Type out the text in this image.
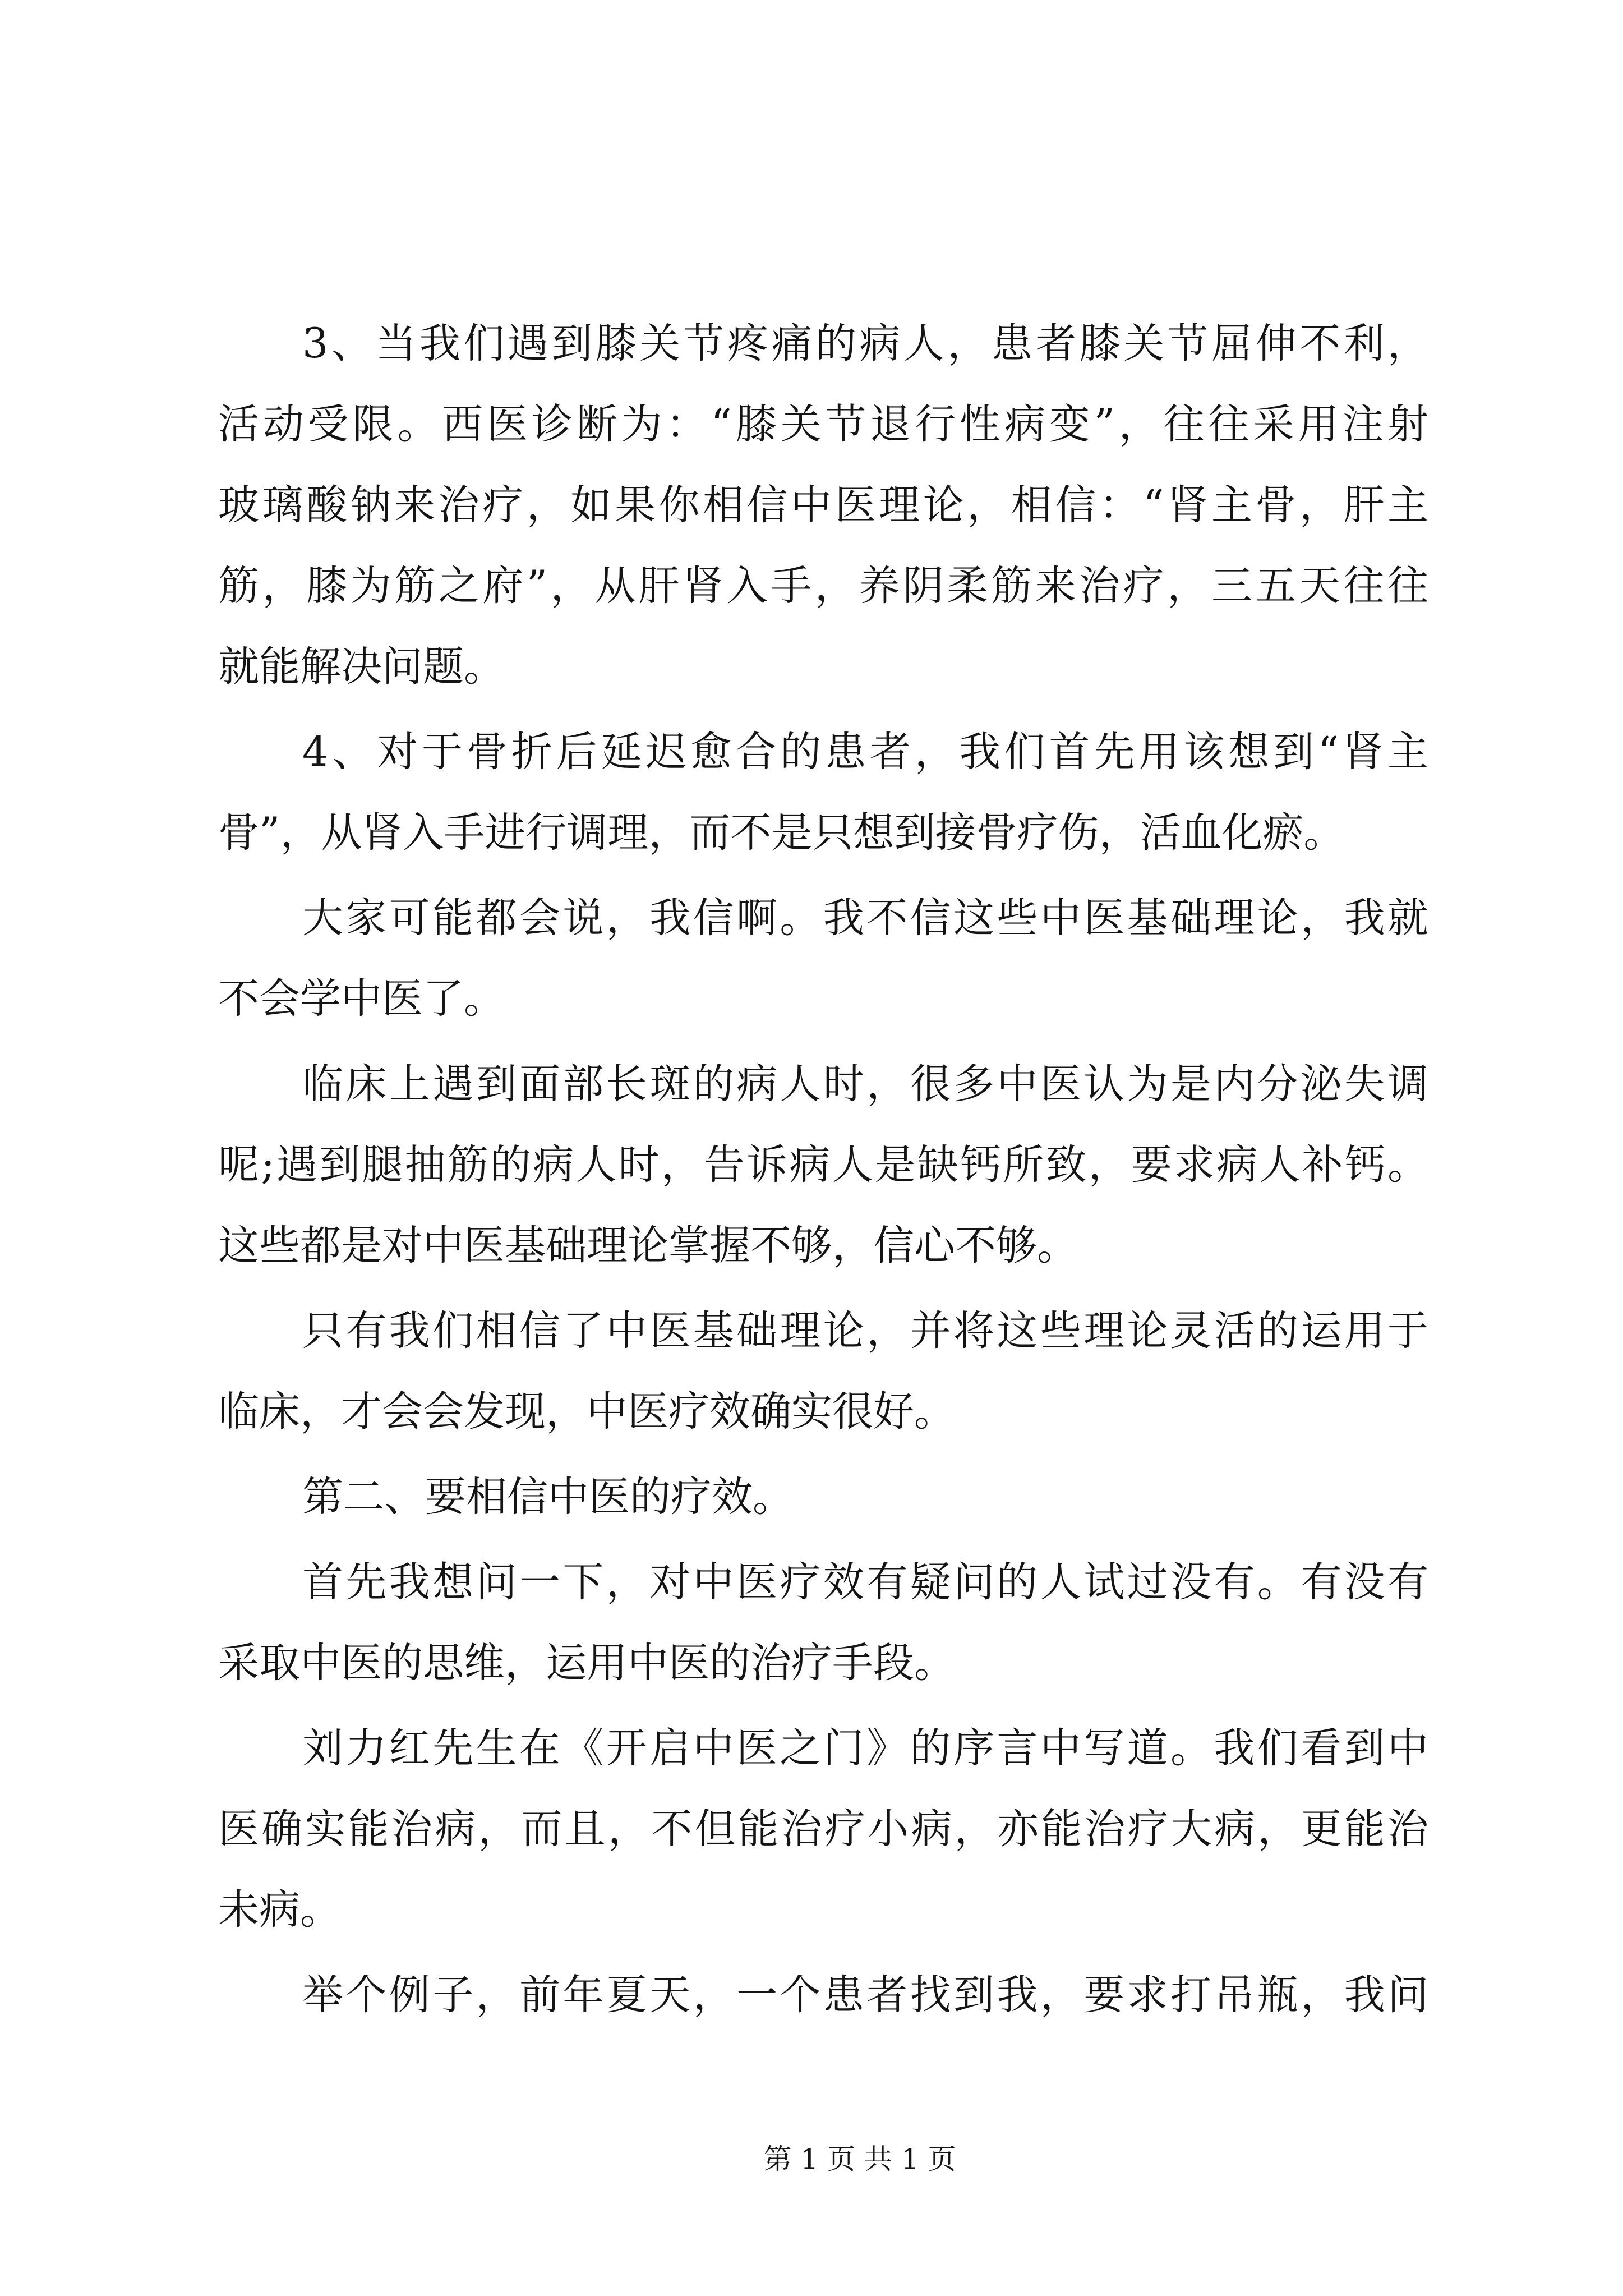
3、当我们遇到膝关节疼痛的病人，患者膝关节屈伸不利，
活动受限。西医诊断为：“膝关节退行性病变”，往往采用注射
玻璃酸钠来治疗，如果你相信中医理论，相信：“肾主骨，肝主
筋，膝为筋之府”，从肝肾入手，养阴柔筋来治疗，三五天往往
就能解决问题。
4、对于骨折后延迟愈合的患者，我们首先用该想到“肾主
骨”，从肾入手进行调理，而不是只想到接骨疗伤，活血化瘀。
大家可能都会说，我信啊。我不信这些中医基础理论，我就
不会学中医了。
临床上遇到面部长斑的病人时，很多中医认为是内分泌失调
呢;遇到腿抽筋的病人时，告诉病人是缺钙所致，要求病人补钙。
这些都是对中医基础理论掌握不够，信心不够。
只有我们相信了中医基础理论，并将这些理论灵活的运用于
临床，才会会发现，中医疗效确实很好。
第二、要相信中医的疗效。
首先我想问一下，对中医疗效有疑问的人试过没有。有没有
采取中医的思维，运用中医的治疗手段。
刘力红先生在《开启中医之门》的序言中写道。我们看到中
医确实能治病，而且，不但能治疗小病，亦能治疗大病，更能治
未病。
举个例子，前年夏天，一个患者找到我，要求打吊瓶，我问
第 1 页 共 1 页
